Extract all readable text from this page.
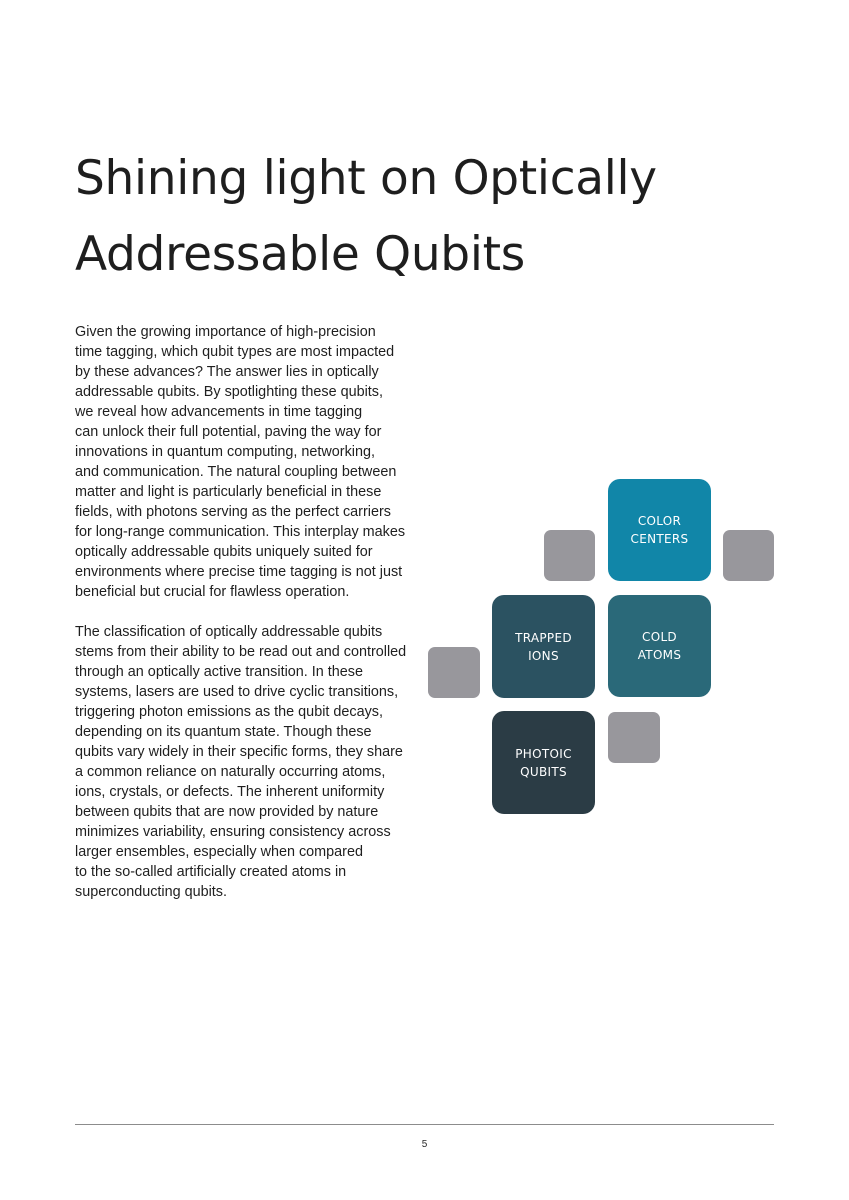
Shining light on Optically
Addressable Qubits

Given the growing importance of high-precision
time tagging, which qubit types are most impacted
by these advances? The answer lies in optically
addressable qubits. By spotlighting these qubits,
we reveal how advancements in time tagging
can unlock their full potential, paving the way for
innovations in quantum computing, networking,
and communication. The natural coupling between
matter and light is particularly beneficial in these
fields, with photons serving as the perfect carriers
for long-range communication. This interplay makes
optically addressable qubits uniquely suited for
environments where precise time tagging is not just
beneficial but crucial for flawless operation.

The classification of optically addressable qubits
stems from their ability to be read out and controlled
through an optically active transition. In these
systems, lasers are used to drive cyclic transitions,
triggering photon emissions as the qubit decays,
depending on its quantum state. Though these
qubits vary widely in their specific forms, they share
a common reliance on naturally occurring atoms,
ions, crystals, or defects. The inherent uniformity
between qubits that are now provided by nature
minimizes variability, ensuring consistency across
larger ensembles, especially when compared
to the so-called artificially created atoms in
superconducting qubits.

COLOR
CENTERS
TRAPPED
IONS
COLD
ATOMS
PHOTOIC
QUBITS
5
